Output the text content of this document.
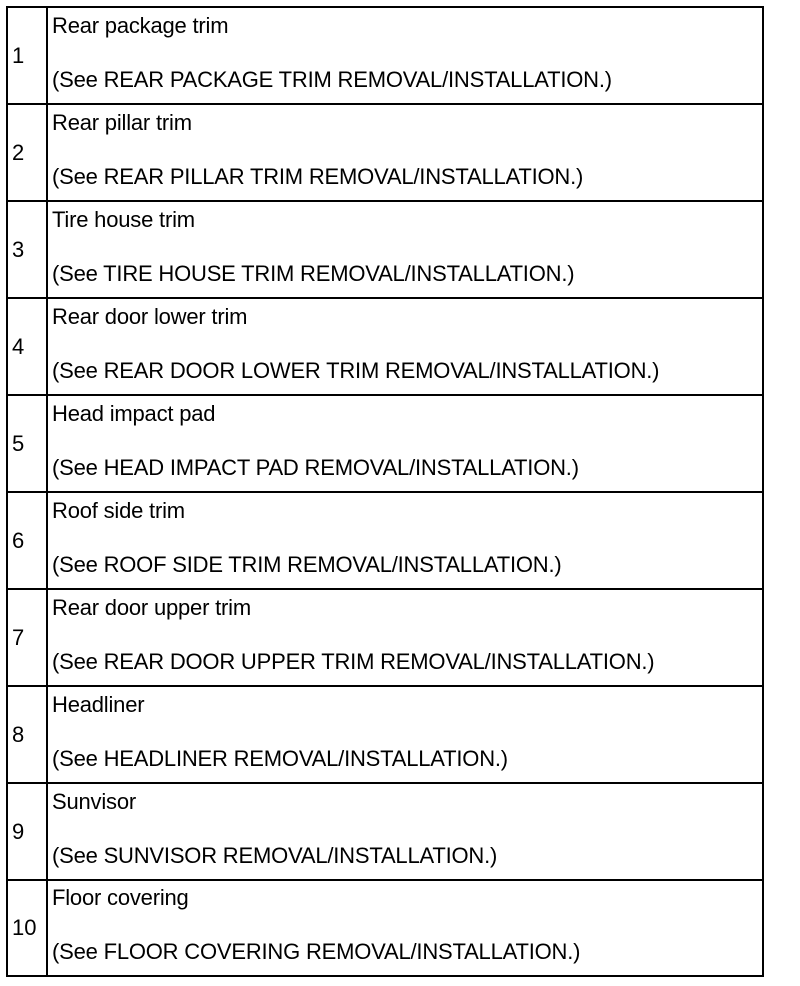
1	Rear package trim
(See REAR PACKAGE TRIM REMOVAL/INSTALLATION.)

2	Rear pillar trim
(See REAR PILLAR TRIM REMOVAL/INSTALLATION.)

3	Tire house trim
(See TIRE HOUSE TRIM REMOVAL/INSTALLATION.)

4	Rear door lower trim
(See REAR DOOR LOWER TRIM REMOVAL/INSTALLATION.)

5	Head impact pad
(See HEAD IMPACT PAD REMOVAL/INSTALLATION.)

6	Roof side trim
(See ROOF SIDE TRIM REMOVAL/INSTALLATION.)

7	Rear door upper trim
(See REAR DOOR UPPER TRIM REMOVAL/INSTALLATION.)

8	Headliner
(See HEADLINER REMOVAL/INSTALLATION.)

9	Sunvisor
(See SUNVISOR REMOVAL/INSTALLATION.)

10	Floor covering
(See FLOOR COVERING REMOVAL/INSTALLATION.)
